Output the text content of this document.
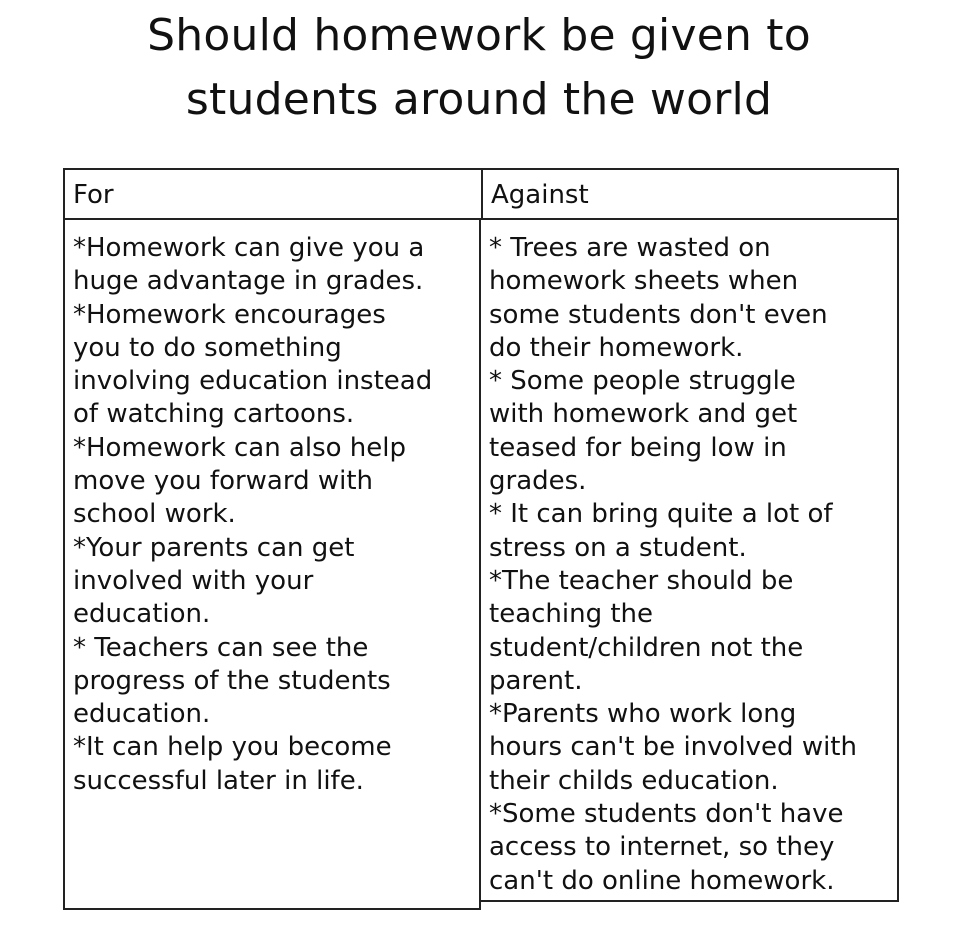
Should homework be given to
students around the world
For	Against
*Homework can give you a
huge advantage in grades.
*Homework encourages
you to do something
involving education instead
of watching cartoons.
*Homework can also help
move you forward with
school work.
*Your parents can get
involved with your
education.
* Teachers can see the
progress of the students
education.
*It can help you become
successful later in life.
* Trees are wasted on
homework sheets when
some students don't even
do their homework.
* Some people struggle
with homework and get
teased for being low in
grades.
* It can bring quite a lot of
stress on a student.
*The teacher should be
teaching the
student/children not the
parent.
*Parents who work long
hours can't be involved with
their childs education.
*Some students don't have
access to internet, so they
can't do online homework.
